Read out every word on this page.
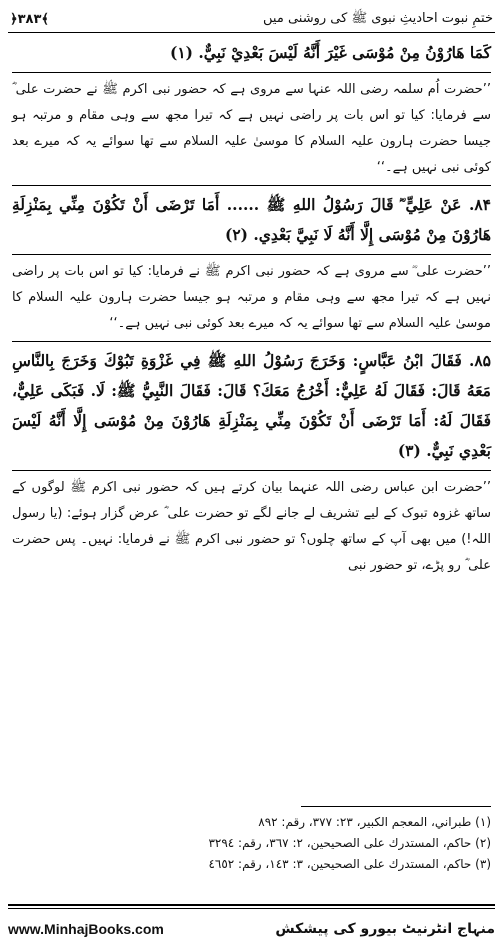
﴿۳۸۳﴾	ختمِ نبوت احادیثِ نبوی ﷺ کی روشنی میں

كَمَا هَارُوْنُ مِنْ مُوْسَى غَيْرَ أَنَّهُ لَيْسَ بَعْدِيْ نَبِيٌّ. (١)

’’حضرت اُم سلمہ رضی اللہ عنہا سے مروی ہے کہ حضور نبی اکرم ﷺ نے حضرت علی ؓ سے فرمایا: کیا تو اس بات پر راضی نہیں ہے کہ تیرا مجھ سے وہی مقام و مرتبہ ہو جیسا حضرت ہارون علیہ السلام کا موسیٰ علیہ السلام سے تھا سوائے یہ کہ میرے بعد کوئی نبی نہیں ہے۔‘‘

۸۴. عَنْ عَلِيٍّ ؓ قَالَ رَسُوْلُ اللهِ ﷺ ...... أَمَا تَرْضَى أَنْ تَكُوْنَ مِنِّي بِمَنْزِلَةِ هَارُوْنَ مِنْ مُوْسَى إِلَّا أَنَّهُ لَا نَبِيَّ بَعْدِي. (٢)

’’حضرت علی ؓ سے مروی ہے کہ حضور نبی اکرم ﷺ نے فرمایا: کیا تو اس بات پر راضی نہیں ہے کہ تیرا مجھ سے وہی مقام و مرتبہ ہو جیسا حضرت ہارون علیہ السلام کا موسیٰ علیہ السلام سے تھا سوائے یہ کہ میرے بعد کوئی نبی نہیں ہے۔‘‘

۸۵. فَقَالَ ابْنُ عَبَّاسٍ: وَخَرَجَ رَسُوْلُ اللهِ ﷺ فِي غَزْوَةِ تَبُوْكَ وَخَرَجَ بِالنَّاسِ مَعَهُ قَالَ: فَقَالَ لَهُ عَلِيٌّ: أَخْرُجُ مَعَكَ؟ قَالَ: فَقَالَ النَّبِيُّ ﷺ: لَا. فَبَكَى عَلِيٌّ، فَقَالَ لَهُ: أَمَا تَرْضَى أَنْ تَكُوْنَ مِنِّي بِمَنْزِلَةِ هَارُوْنَ مِنْ مُوْسَى إِلَّا أَنَّهُ لَيْسَ بَعْدِي نَبِيٌّ. (٣)

’’حضرت ابن عباس رضی اللہ عنہما بیان کرتے ہیں کہ حضور نبی اکرم ﷺ لوگوں کے ساتھ غزوہ تبوک کے لیے تشریف لے جانے لگے تو حضرت علی ؓ عرض گزار ہوئے: (یا رسول اللہ!) میں بھی آپ کے ساتھ چلوں؟ تو حضور نبی اکرم ﷺ نے فرمایا: نہیں۔ پس حضرت علی ؓ رو پڑے، تو حضور نبی

(١) طبراني، المعجم الكبير، ٢٣: ٣٧٧، رقم: ٨٩٢
(٢) حاكم، المستدرك على الصحيحين، ٢: ٣٦٧، رقم: ٣٢٩٤
(٣) حاكم، المستدرك على الصحيحين، ٣: ١٤٣، رقم: ٤٦٥٢
www.MinhajBooks.com	منہاج انٹرنیٹ بیورو کی پیشکش
